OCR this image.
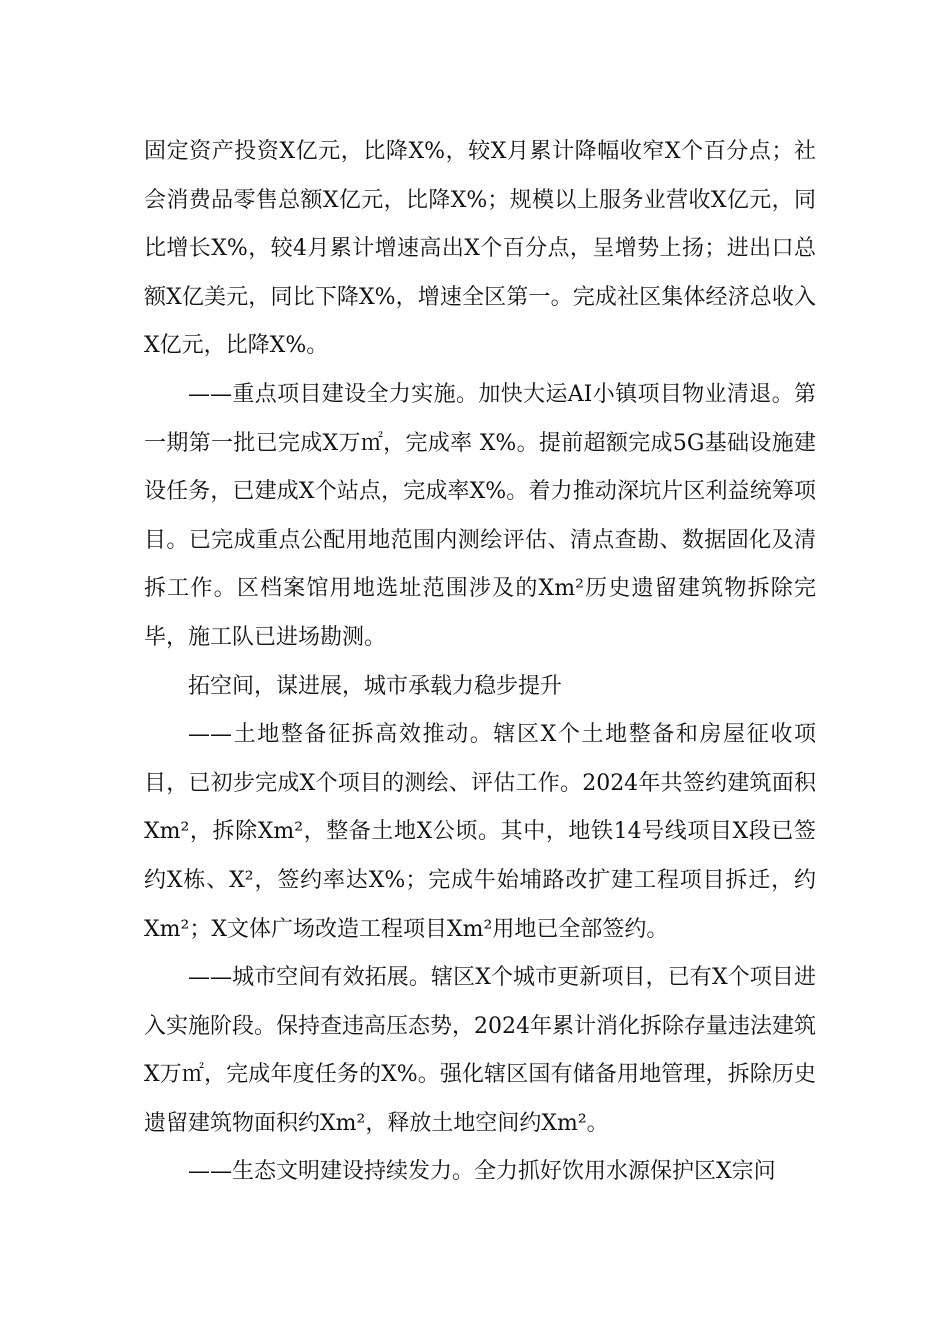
固定资产投资X亿元，比降X%，较X月累计降幅收窄X个百分点；社会消费品零售总额X亿元，比降X%；规模以上服务业营收X亿元，同比增长X%，较4月累计增速高出X个百分点，呈增势上扬；进出口总额X亿美元，同比下降X%，增速全区第一。完成社区集体经济总收入X亿元，比降X%。

——重点项目建设全力实施。加快大运AI小镇项目物业清退。第一期第一批已完成X万㎡，完成率 X%。提前超额完成5G基础设施建设任务，已建成X个站点，完成率X%。着力推动深坑片区利益统筹项目。已完成重点公配用地范围内测绘评估、清点查勘、数据固化及清拆工作。区档案馆用地选址范围涉及的Xm²历史遗留建筑物拆除完毕，施工队已进场勘测。

拓空间，谋进展，城市承载力稳步提升

——土地整备征拆高效推动。辖区X个土地整备和房屋征收项目，已初步完成X个项目的测绘、评估工作。2024年共签约建筑面积Xm²，拆除Xm²，整备土地X公顷。其中，地铁14号线项目X段已签约X栋、X²，签约率达X%；完成牛始埔路改扩建工程项目拆迁，约Xm²；X文体广场改造工程项目Xm²用地已全部签约。

——城市空间有效拓展。辖区X个城市更新项目，已有X个项目进入实施阶段。保持查违高压态势，2024年累计消化拆除存量违法建筑X万㎡，完成年度任务的X%。强化辖区国有储备用地管理，拆除历史遗留建筑物面积约Xm²，释放土地空间约Xm²。

——生态文明建设持续发力。全力抓好饮用水源保护区X宗问
